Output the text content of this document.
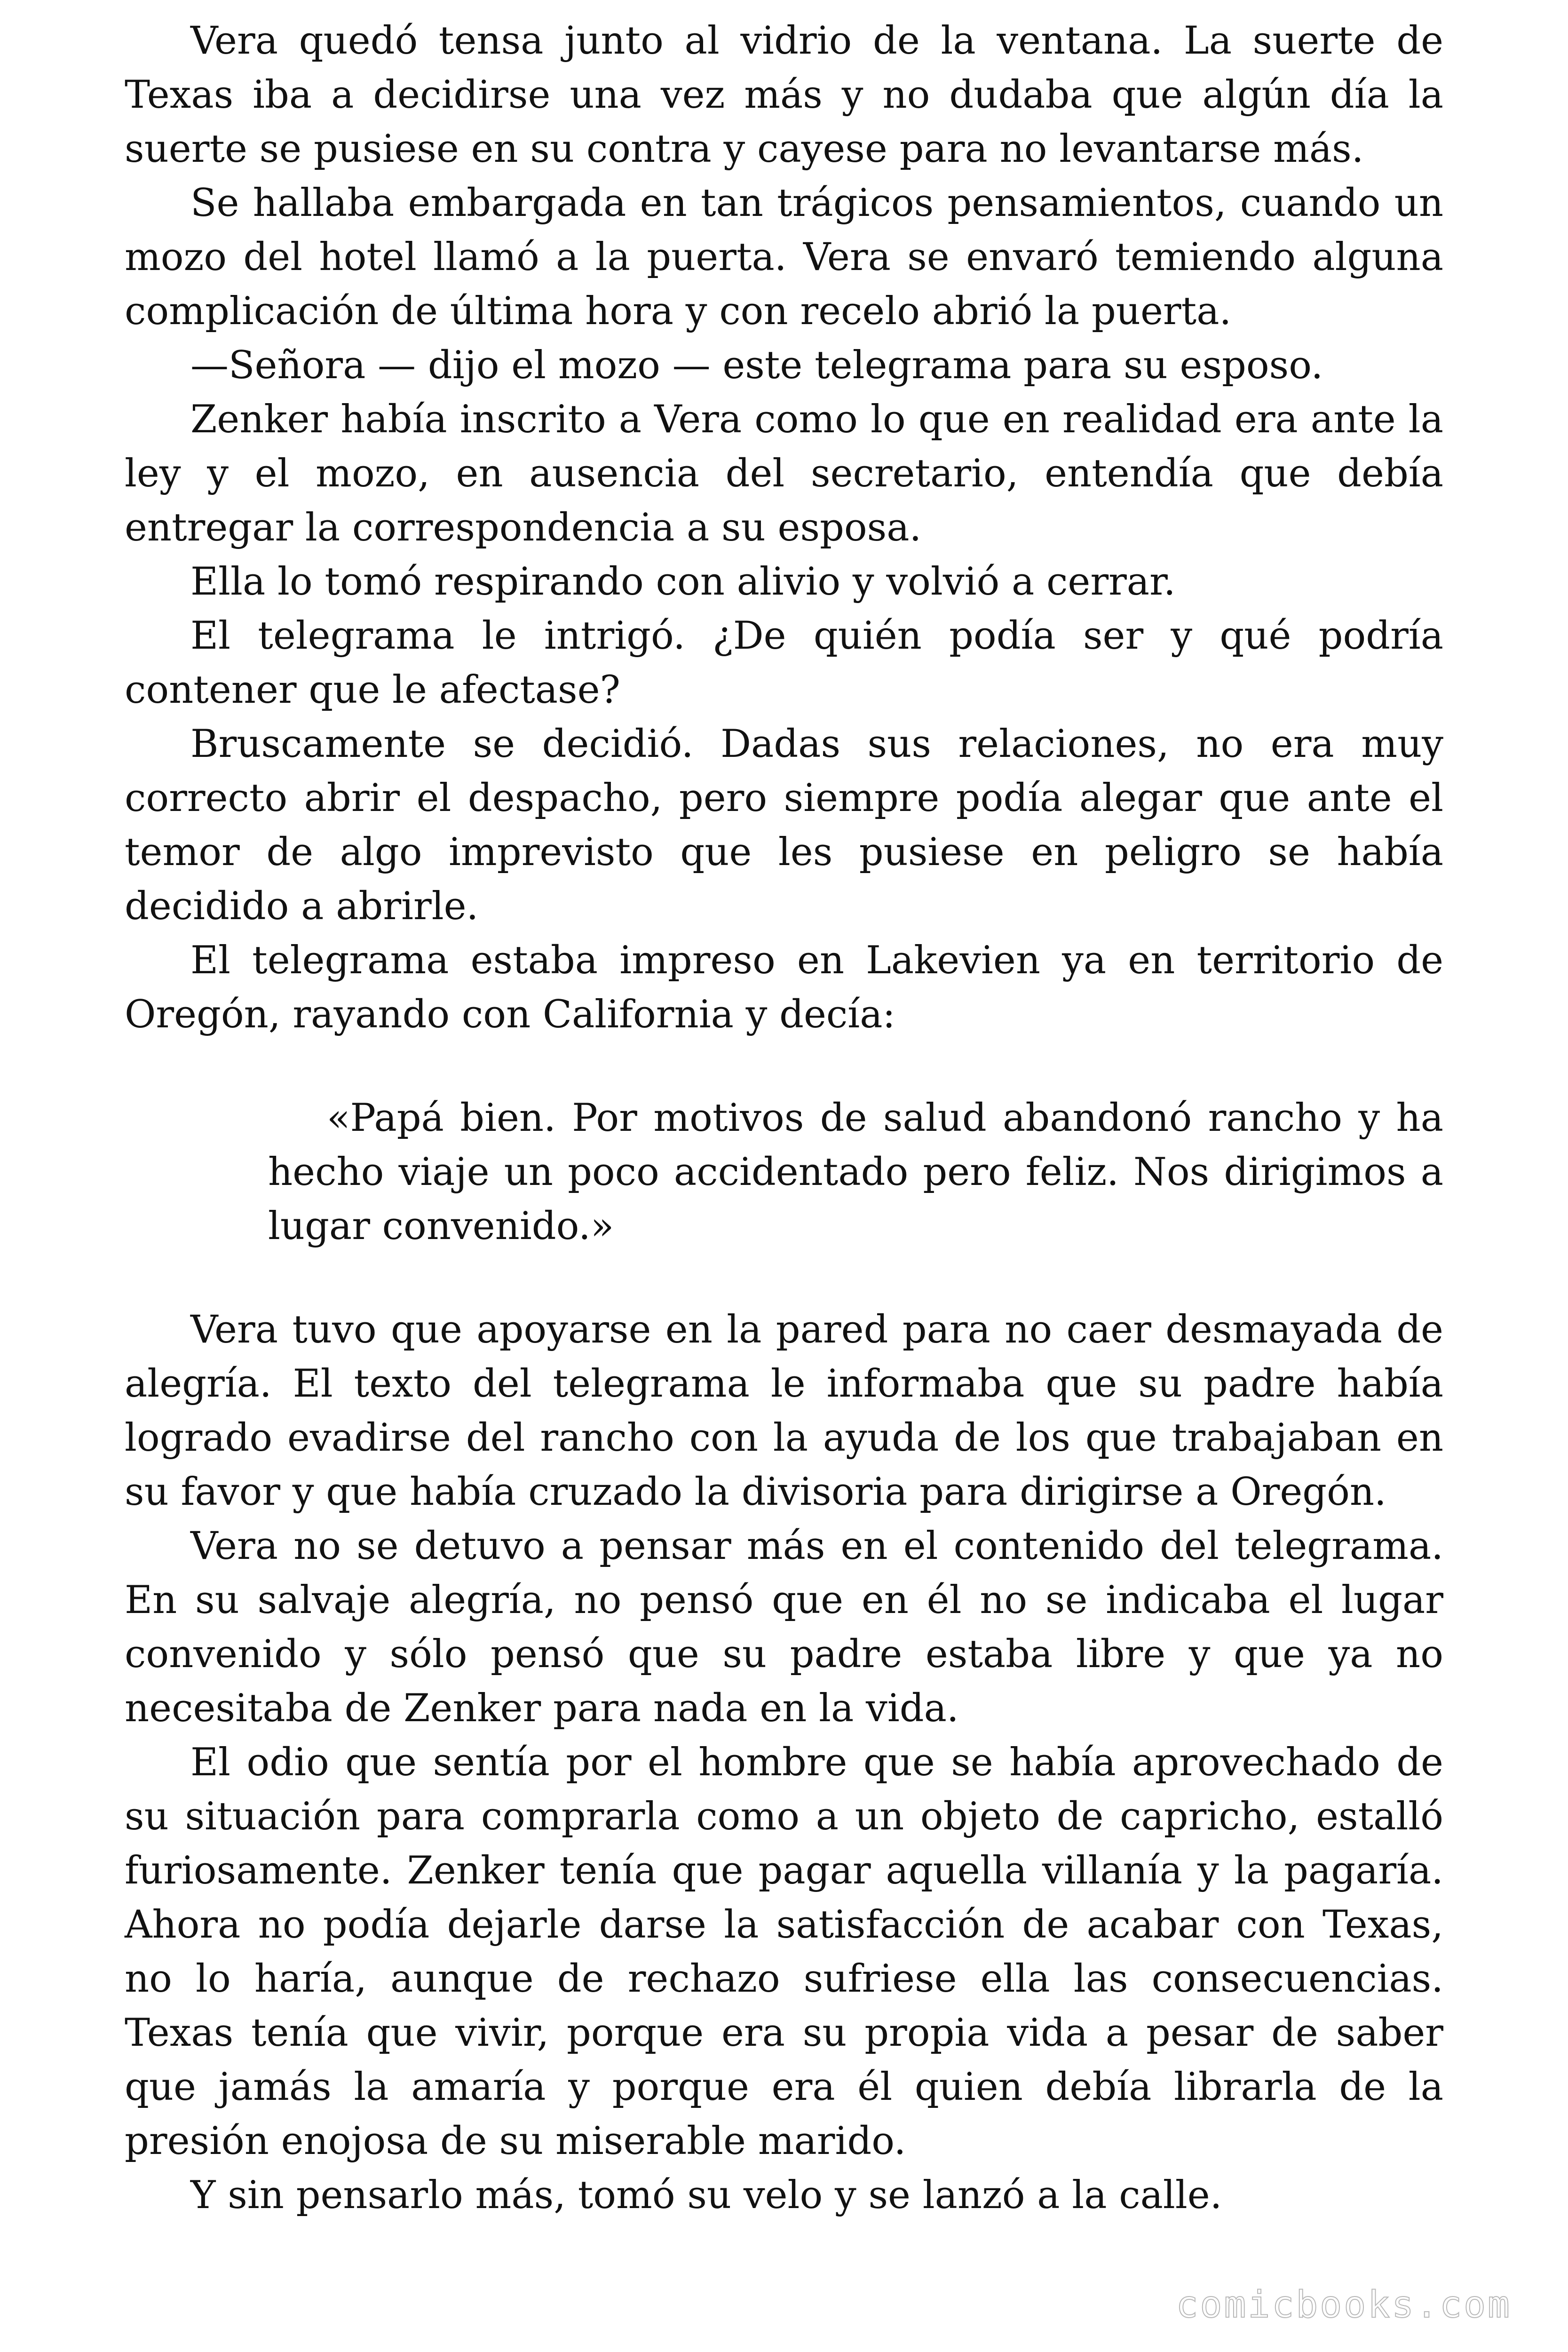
Vera quedó tensa junto al vidrio de la ventana. La suerte de Texas iba a decidirse una vez más y no dudaba que algún día la suerte se pusiese en su contra y cayese para no levantarse más.

Se hallaba embargada en tan trágicos pensamientos, cuando un mozo del hotel llamó a la puerta. Vera se envaró temiendo alguna complicación de última hora y con recelo abrió la puerta.

—Señora — dijo el mozo — este telegrama para su esposo.

Zenker había inscrito a Vera como lo que en realidad era ante la ley y el mozo, en ausencia del secretario, entendía que debía entregar la correspondencia a su esposa.

Ella lo tomó respirando con alivio y volvió a cerrar.

El telegrama le intrigó. ¿De quién podía ser y qué podría contener que le afectase?

Bruscamente se decidió. Dadas sus relaciones, no era muy correcto abrir el despacho, pero siempre podía alegar que ante el temor de algo imprevisto que les pusiese en peligro se había decidido a abrirle.

El telegrama estaba impreso en Lakevien ya en territorio de Oregón, rayando con California y decía:

«Papá bien. Por motivos de salud abandonó rancho y ha hecho viaje un poco accidentado pero feliz. Nos dirigimos a lugar convenido.»

Vera tuvo que apoyarse en la pared para no caer desmayada de alegría. El texto del telegrama le informaba que su padre había logrado evadirse del rancho con la ayuda de los que trabajaban en su favor y que había cruzado la divisoria para dirigirse a Oregón.

Vera no se detuvo a pensar más en el contenido del telegrama. En su salvaje alegría, no pensó que en él no se indicaba el lugar convenido y sólo pensó que su padre estaba libre y que ya no necesitaba de Zenker para nada en la vida.

El odio que sentía por el hombre que se había aprovechado de su situación para comprarla como a un objeto de capricho, estalló furiosamente. Zenker tenía que pagar aquella villanía y la pagaría. Ahora no podía dejarle darse la satisfacción de acabar con Texas, no lo haría, aunque de rechazo sufriese ella las consecuencias. Texas tenía que vivir, porque era su propia vida a pesar de saber que jamás la amaría y porque era él quien debía librarla de la presión enojosa de su miserable marido.

Y sin pensarlo más, tomó su velo y se lanzó a la calle.

comicbooks.com
